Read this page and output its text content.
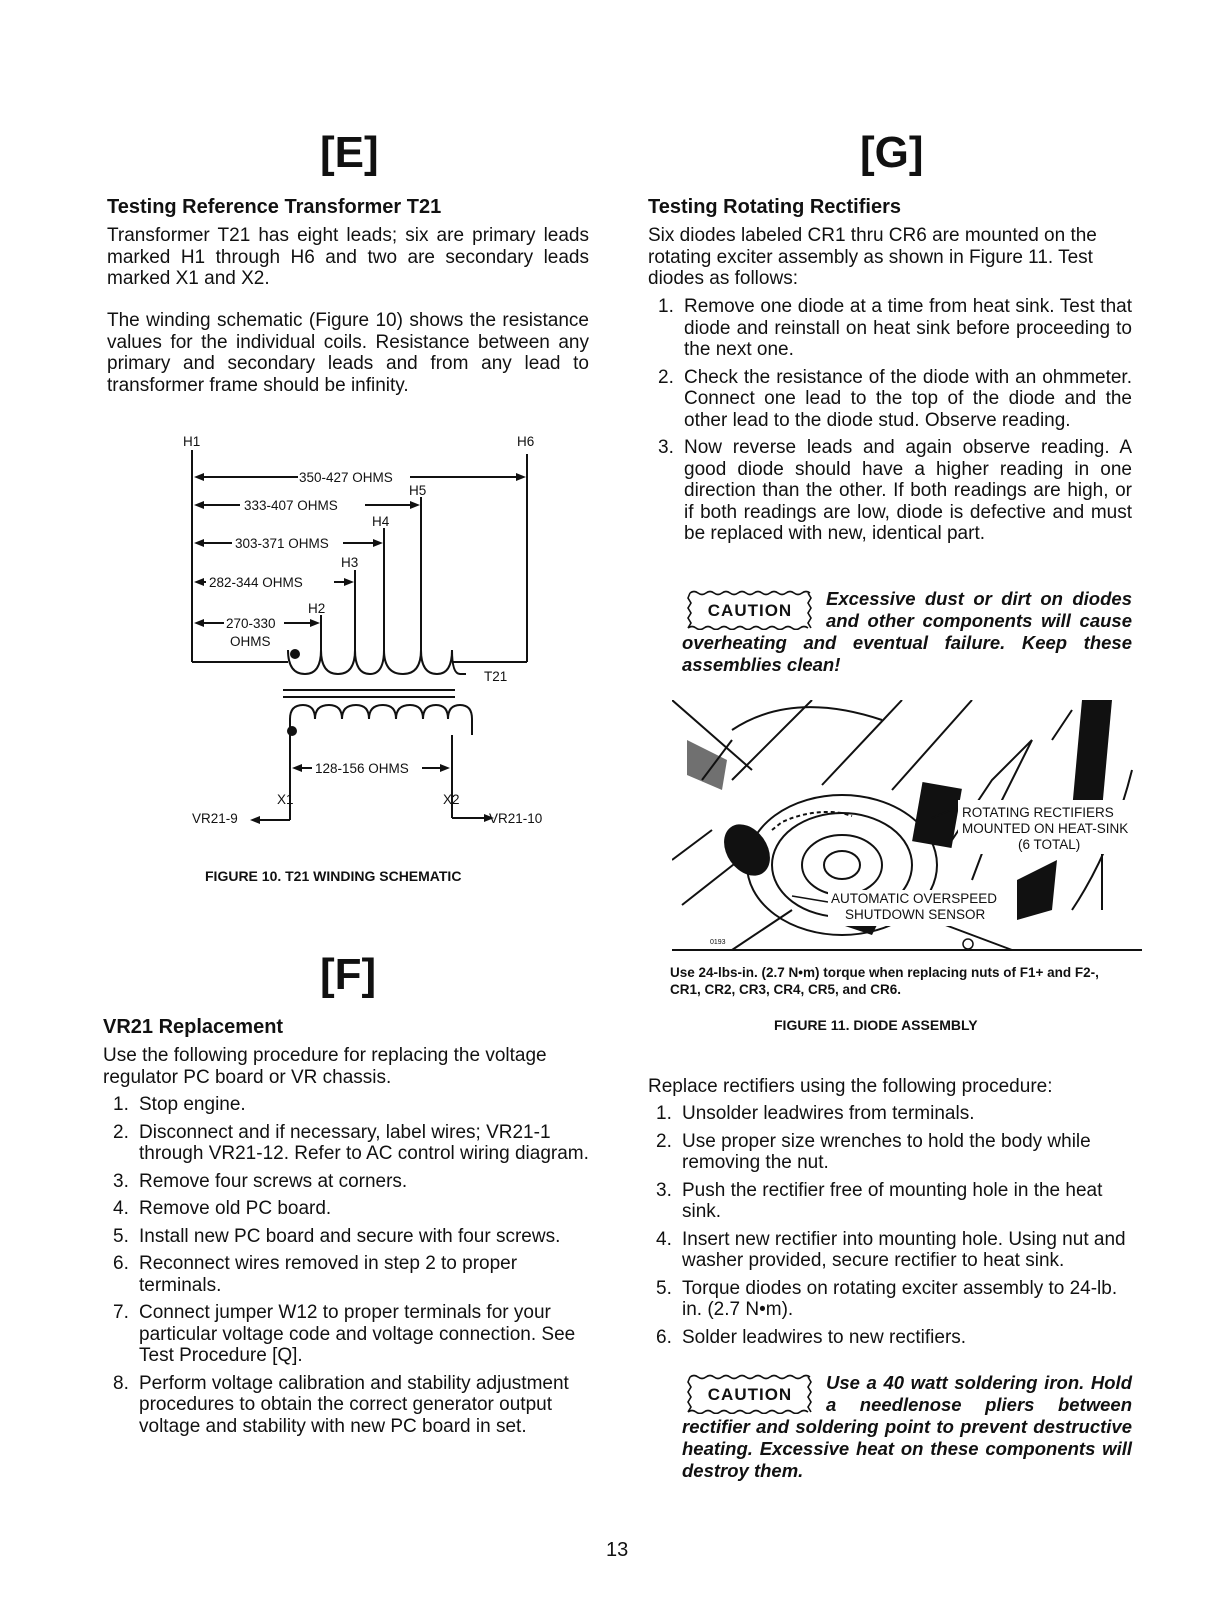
[E]
Testing Reference Transformer T21

Transformer T21 has eight leads; six are primary leads marked H1 through H6 and two are secondary leads marked X1 and X2.

The winding schematic (Figure 10) shows the resistance values for the individual coils. Resistance between any primary and secondary leads and from any lead to transformer frame should be infinity.

H1	H6
350-427 OHMS
H5
333-407 OHMS
H4
303-371 OHMS
H3
282-344 OHMS
H2
270-330
OHMS
T21
128-156 OHMS
X1	X2
VR21-9	VR21-10
FIGURE 10. T21 WINDING SCHEMATIC
[F]
VR21 Replacement

Use the following procedure for replacing the voltage regulator PC board or VR chassis.

1. Stop engine.
2. Disconnect and if necessary, label wires; VR21-1 through VR21-12. Refer to AC control wiring diagram.
3. Remove four screws at corners.
4. Remove old PC board.
5. Install new PC board and secure with four screws.
6. Reconnect wires removed in step 2 to proper terminals.
7. Connect jumper W12 to proper terminals for your particular voltage code and voltage connection. See Test Procedure [Q].
8. Perform voltage calibration and stability adjustment procedures to obtain the correct generator output voltage and stability with new PC board in set.
[G]
Testing Rotating Rectifiers

Six diodes labeled CR1 thru CR6 are mounted on the rotating exciter assembly as shown in Figure 11. Test diodes as follows:

1. Remove one diode at a time from heat sink. Test that diode and reinstall on heat sink before proceeding to the next one.
2. Check the resistance of the diode with an ohmmeter. Connect one lead to the top of the diode and the other lead to the diode stud. Observe reading.
3. Now reverse leads and again observe reading. A good diode should have a higher reading in one direction than the other. If both readings are high, or if both readings are low, diode is defective and must be replaced with new, identical part.
CAUTION
Excessive dust or dirt on diodes and other components will cause overheating and eventual failure. Keep these assemblies clean!
ROTATING RECTIFIERS
MOUNTED ON HEAT-SINK
(6 TOTAL)
AUTOMATIC OVERSPEED
SHUTDOWN SENSOR
0193
Use 24-lbs-in. (2.7 N•m) torque when replacing nuts of F1+ and F2-, CR1, CR2, CR3, CR4, CR5, and CR6.
FIGURE 11. DIODE ASSEMBLY

Replace rectifiers using the following procedure:

1. Unsolder leadwires from terminals.
2. Use proper size wrenches to hold the body while removing the nut.
3. Push the rectifier free of mounting hole in the heat sink.
4. Insert new rectifier into mounting hole. Using nut and washer provided, secure rectifier to heat sink.
5. Torque diodes on rotating exciter assembly to 24-lb. in. (2.7 N•m).
6. Solder leadwires to new rectifiers.
CAUTION
Use a 40 watt soldering iron. Hold a needlenose pliers between rectifier and soldering point to prevent destructive heating. Excessive heat on these components will destroy them.
13
